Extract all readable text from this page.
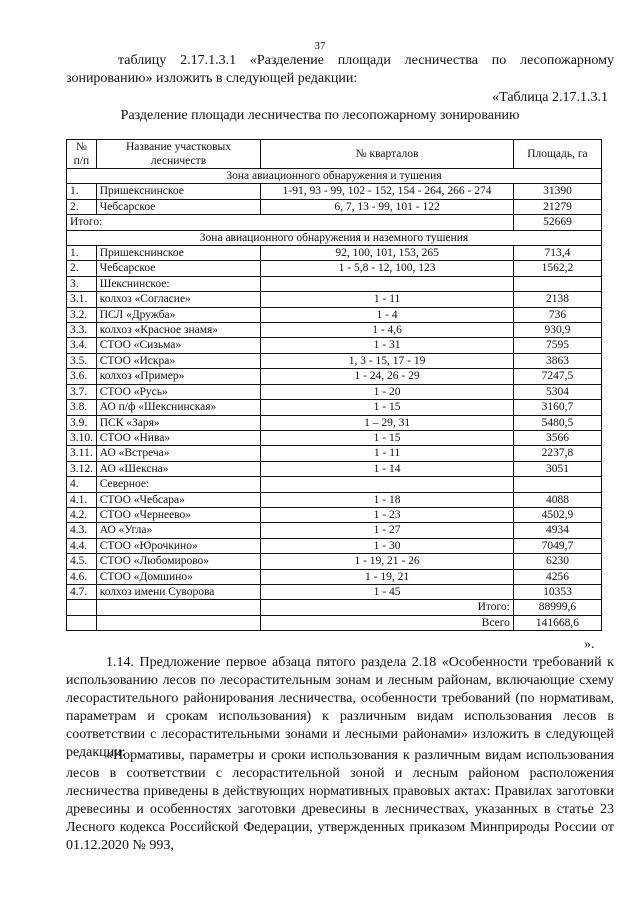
37
таблицу 2.17.1.3.1 «Разделение площади лесничества по лесопожарному зонированию» изложить в следующей редакции:
«Таблица 2.17.1.3.1
Разделение площади лесничества по лесопожарному зонированию
№ п/п	Название участковых лесничеств	№ кварталов	Площадь, га
Зона авиационного обнаружения и тушения			
1.	Пришекснинское	1-91, 93 - 99, 102 - 152, 154 - 264, 266 - 274	31390
2.	Чебсарское	6, 7, 13 - 99, 101 - 122	21279
Итого:			52669
Зона авиационного обнаружения и наземного тушения			
1.	Пришекснинское	92, 100, 101, 153, 265	713,4
2.	Чебсарское	1 - 5,8 - 12, 100, 123	1562,2
3.	Шекснинское:		
3.1.	колхоз «Согласие»	1 - 11	2138
3.2.	ПСЛ «Дружба»	1 - 4	736
3.3.	колхоз «Красное знамя»	1 - 4,6	930,9
3.4.	СТОО «Сизьма»	1 - 31	7595
3.5.	СТОО «Искра»	1, 3 - 15, 17 - 19	3863
3.6.	колхоз «Пример»	1 - 24, 26 - 29	7247,5
3.7.	СТОО «Русь»	1 - 20	5304
3.8.	АО п/ф «Шекснинская»	1 - 15	3160,7
3.9.	ПСК «Заря»	1 – 29, 31	5480,5
3.10.	СТОО «Нива»	1 - 15	3566
3.11.	АО «Встреча»	1 - 11	2237,8
3.12.	АО «Шексна»	1 - 14	3051
4.	Северное:		
4.1.	СТОО «Чебсара»	1 - 18	4088
4.2.	СТОО «Чернеево»	1 - 23	4502,9
4.3.	АО «Угла»	1 - 27	4934
4.4.	СТОО «Юрочкино»	1 - 30	7049,7
4.5.	СТОО «Любомирово»	1 - 19, 21 - 26	6230
4.6.	СТОО «Домшино»	1 - 19, 21	4256
4.7.	колхоз имени Суворова	1 - 45	10353
		Итого:	88999,6
		Всего	141668,6
».
1.14. Предложение первое абзаца пятого раздела 2.18 «Особенности требований к использованию лесов по лесорастительным зонам и лесным районам, включающие схему лесорастительного районирования лесничества, особенности требований (по нормативам, параметрам и срокам использования) к различным видам использования лесов в соответствии с лесорастительными зонами и лесными районами» изложить в следующей редакции:
«Нормативы, параметры и сроки использования к различным видам использования лесов в соответствии с лесорастительной зоной и лесным районом расположения лесничества приведены в действующих нормативных правовых актах: Правилах заготовки древесины и особенностях заготовки древесины в лесничествах, указанных в статье 23 Лесного кодекса Российской Федерации, утвержденных приказом Минприроды России от 01.12.2020 № 993,
